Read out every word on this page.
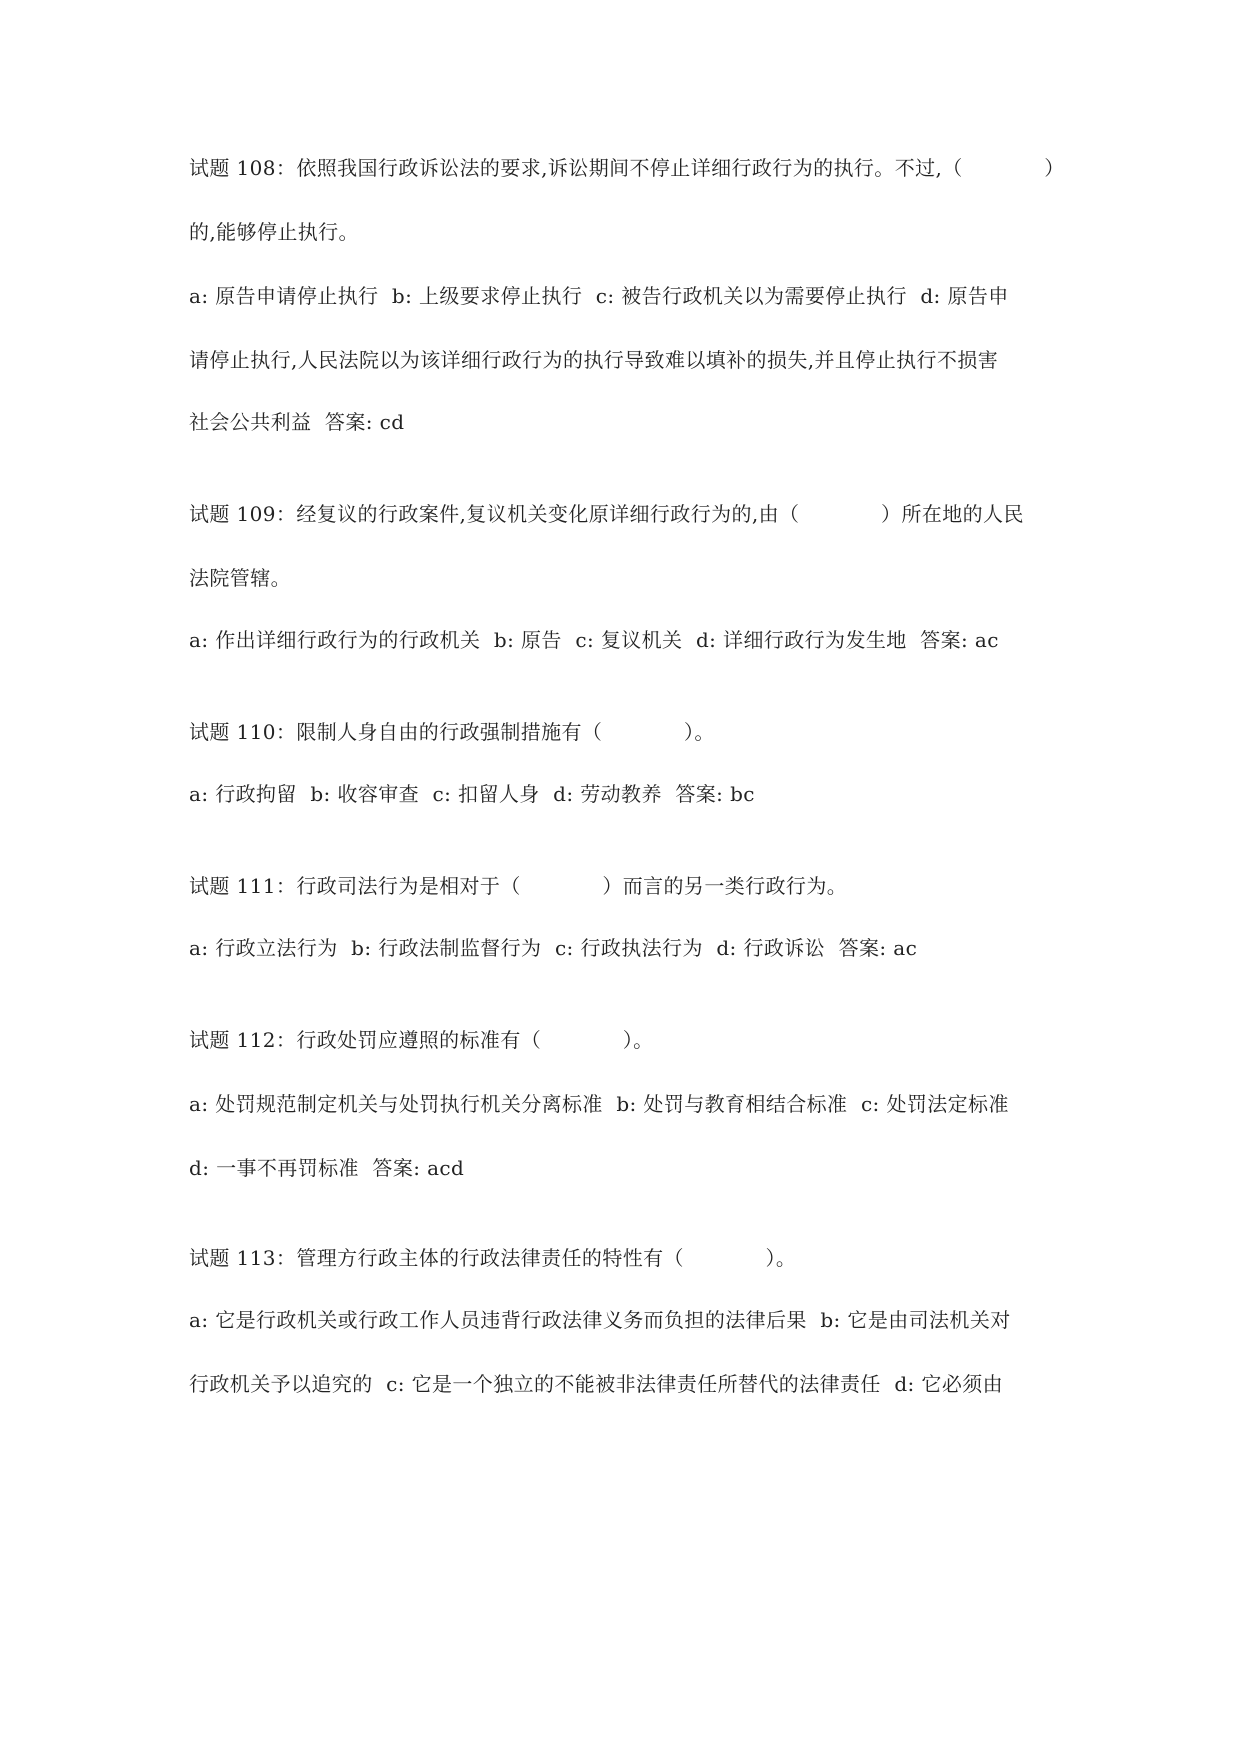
试题 108：依照我国行政诉讼法的要求,诉讼期间不停止详细行政行为的执行。不过,（　　　　）
的,能够停止执行。
a: 原告申请停止执行  b: 上级要求停止执行  c: 被告行政机关以为需要停止执行  d: 原告申
请停止执行,人民法院以为该详细行政行为的执行导致难以填补的损失,并且停止执行不损害
社会公共利益  答案: cd
试题 109：经复议的行政案件,复议机关变化原详细行政行为的,由（　　　　）所在地的人民
法院管辖。
a: 作出详细行政行为的行政机关  b: 原告  c: 复议机关  d: 详细行政行为发生地  答案: ac
试题 110：限制人身自由的行政强制措施有（　　　　）。
a: 行政拘留  b: 收容审查  c: 扣留人身  d: 劳动教养  答案: bc
试题 111：行政司法行为是相对于（　　　　）而言的另一类行政行为。
a: 行政立法行为  b: 行政法制监督行为  c: 行政执法行为  d: 行政诉讼  答案: ac
试题 112：行政处罚应遵照的标准有（　　　　）。
a: 处罚规范制定机关与处罚执行机关分离标准  b: 处罚与教育相结合标准  c: 处罚法定标准
d: 一事不再罚标准  答案: acd
试题 113：管理方行政主体的行政法律责任的特性有（　　　　）。
a: 它是行政机关或行政工作人员违背行政法律义务而负担的法律后果  b: 它是由司法机关对
行政机关予以追究的  c: 它是一个独立的不能被非法律责任所替代的法律责任  d: 它必须由
